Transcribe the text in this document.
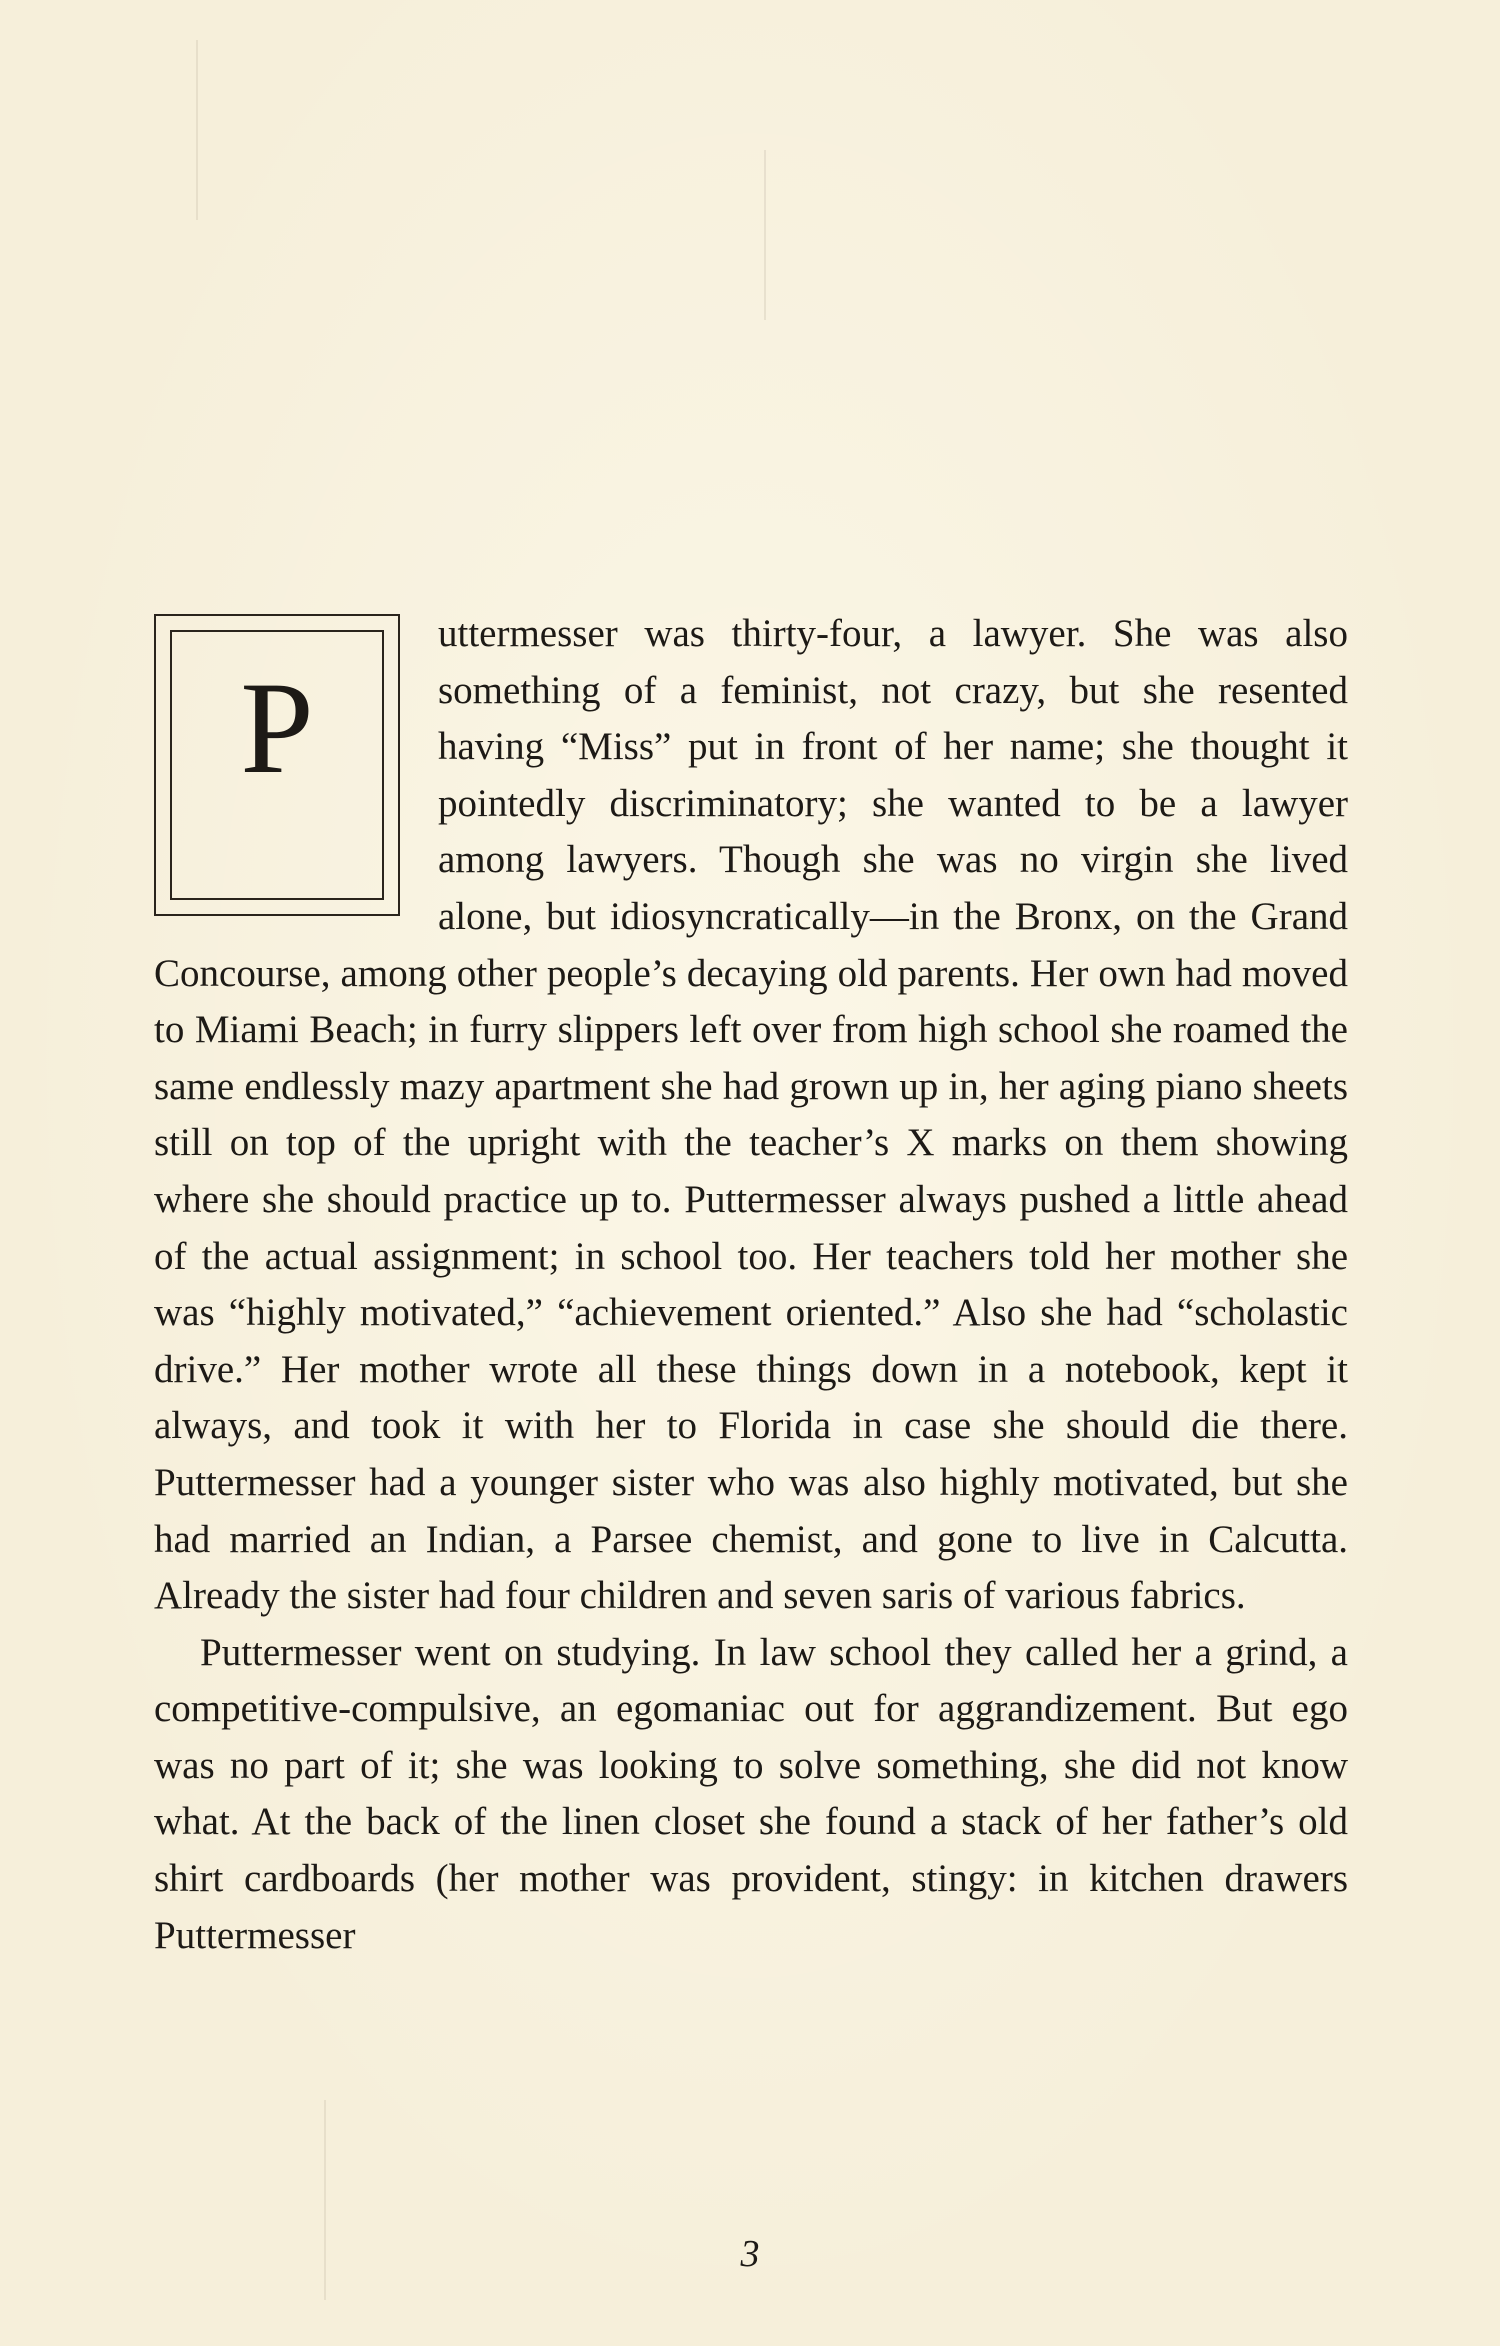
P

uttermesser was thirty-four, a lawyer. She was also something of a feminist, not crazy, but she resented having “Miss” put in front of her name; she thought it pointedly discriminatory; she wanted to be a lawyer among lawyers. Though she was no virgin she lived alone, but idiosyncratically—in the Bronx, on the Grand Concourse, among other people’s decaying old parents. Her own had moved to Miami Beach; in furry slippers left over from high school she roamed the same endlessly mazy apartment she had grown up in, her aging piano sheets still on top of the upright with the teacher’s X marks on them showing where she should practice up to. Puttermesser always pushed a little ahead of the actual assignment; in school too. Her teachers told her mother she was “highly motivated,” “achievement oriented.” Also she had “scholastic drive.” Her mother wrote all these things down in a notebook, kept it always, and took it with her to Florida in case she should die there. Puttermesser had a younger sister who was also highly motivated, but she had married an Indian, a Parsee chemist, and gone to live in Calcutta. Already the sister had four children and seven saris of various fabrics.

Puttermesser went on studying. In law school they called her a grind, a competitive-compulsive, an egomaniac out for aggrandizement. But ego was no part of it; she was looking to solve something, she did not know what. At the back of the linen closet she found a stack of her father’s old shirt cardboards (her mother was provident, stingy: in kitchen drawers Puttermesser

3
